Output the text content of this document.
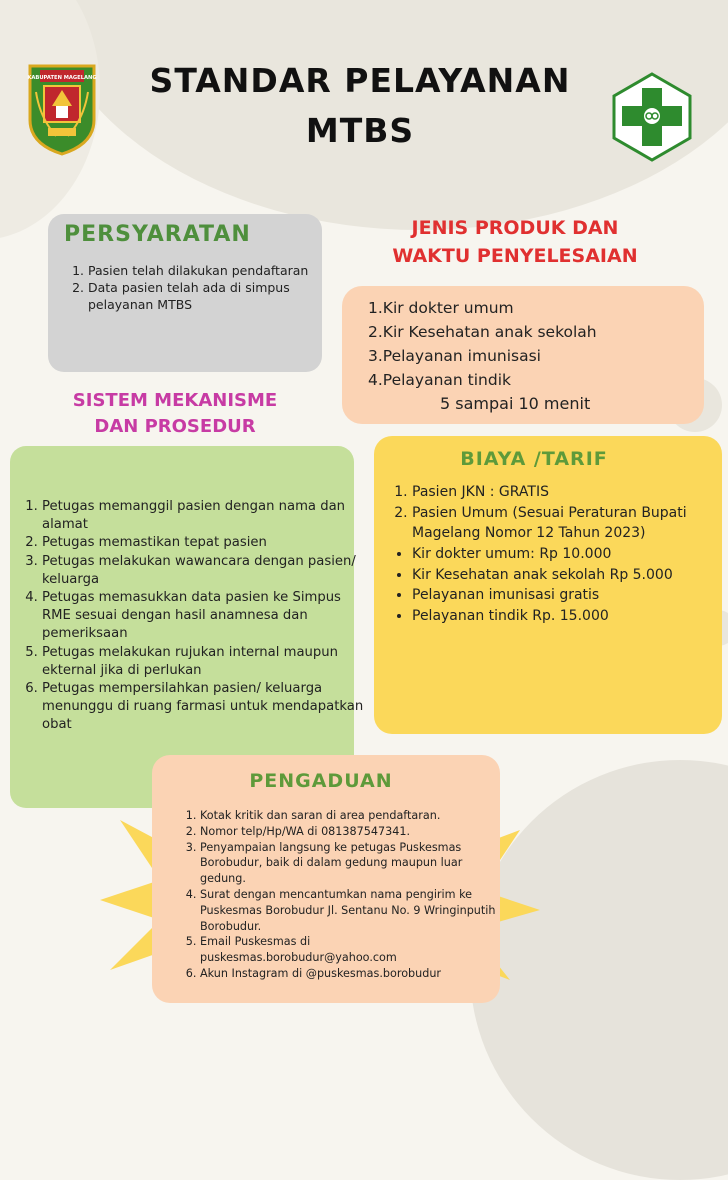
KABUPATEN MAGELANG	STANDAR PELAYANAN
MTBS
PERSYARATAN
1. Pasien telah dilakukan pendaftaran
2. Data pasien telah ada di simpus pelayanan MTBS
JENIS PRODUK DAN
WAKTU PENYELESAIAN
1.Kir dokter umum
2.Kir Kesehatan anak sekolah
3.Pelayanan imunisasi
4.Pelayanan tindik
5 sampai 10 menit
SISTEM MEKANISME
DAN PROSEDUR
1. Petugas memanggil pasien dengan nama dan alamat
2. Petugas memastikan tepat pasien
3. Petugas melakukan wawancara dengan pasien/ keluarga
4. Petugas memasukkan data pasien ke Simpus RME sesuai dengan hasil anamnesa dan pemeriksaan
5. Petugas melakukan rujukan internal maupun ekternal jika di perlukan
6. Petugas mempersilahkan pasien/ keluarga menunggu di ruang farmasi untuk mendapatkan obat
BIAYA /TARIF
1. Pasien JKN : GRATIS
2. Pasien Umum (Sesuai Peraturan Bupati Magelang Nomor 12 Tahun 2023)
• Kir dokter umum: Rp 10.000
• Kir Kesehatan anak sekolah Rp 5.000
• Pelayanan imunisasi gratis
• Pelayanan tindik Rp. 15.000
PENGADUAN
1. Kotak kritik dan saran di area pendaftaran.
2. Nomor telp/Hp/WA di 081387547341.
3. Penyampaian langsung ke petugas Puskesmas Borobudur, baik di dalam gedung maupun luar gedung.
4. Surat dengan mencantumkan nama pengirim ke Puskesmas Borobudur Jl. Sentanu No. 9 Wringinputih Borobudur.
5. Email Puskesmas di puskesmas.borobudur@yahoo.com
6. Akun Instagram di @puskesmas.borobudur
